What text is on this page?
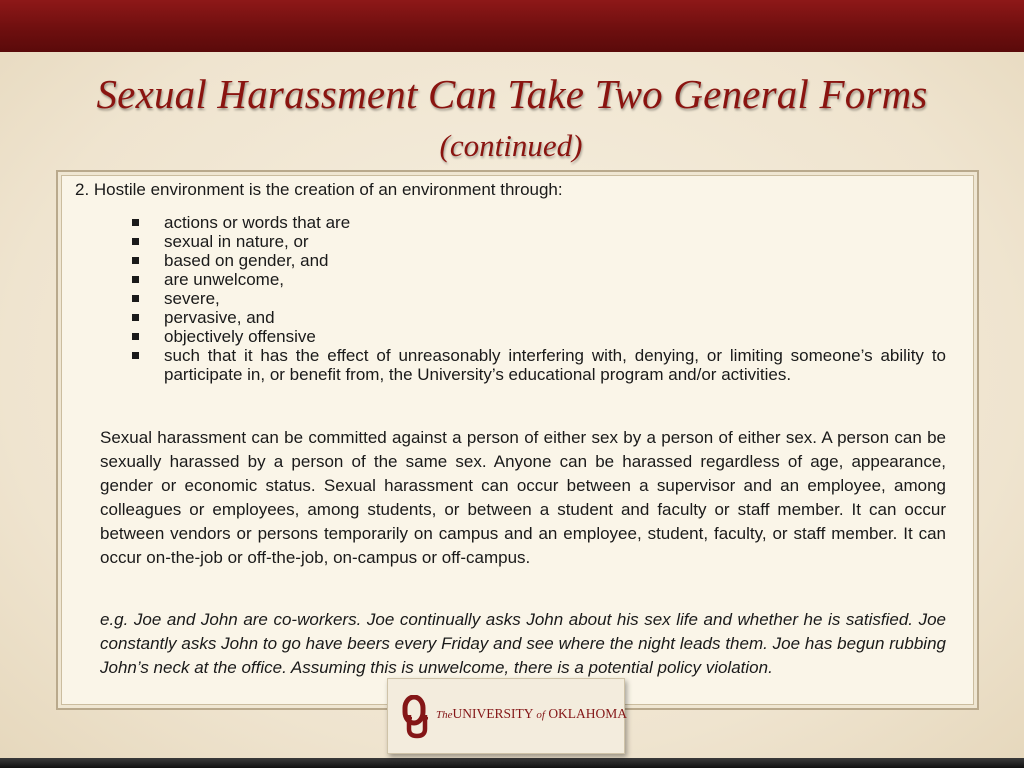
Sexual Harassment Can Take Two General Forms
(continued)
2. Hostile environment is the creation of an environment through:
actions or words that are
sexual in nature, or
based on gender, and
are unwelcome,
severe,
pervasive, and
objectively offensive
such that it has the effect of unreasonably interfering with, denying, or limiting someone’s ability to participate in, or benefit from, the University’s educational program and/or activities.

Sexual harassment can be committed against a person of either sex by a person of either sex. A person can be sexually harassed by a person of the same sex. Anyone can be harassed regardless of age, appearance, gender or economic status. Sexual harassment can occur between a supervisor and an employee, among colleagues or employees, among students, or between a student and faculty or staff member. It can occur between vendors or persons temporarily on campus and an employee, student, faculty, or staff member. It can occur on-the-job or off-the-job, on-campus or off-campus.

e.g. Joe and John are co-workers. Joe continually asks John about his sex life and whether he is satisfied. Joe constantly asks John to go have beers every Friday and see where the night leads them. Joe has begun rubbing John’s neck at the office. Assuming this is unwelcome, there is a potential policy violation.

TheUNIVERSITY of OKLAHOMA
